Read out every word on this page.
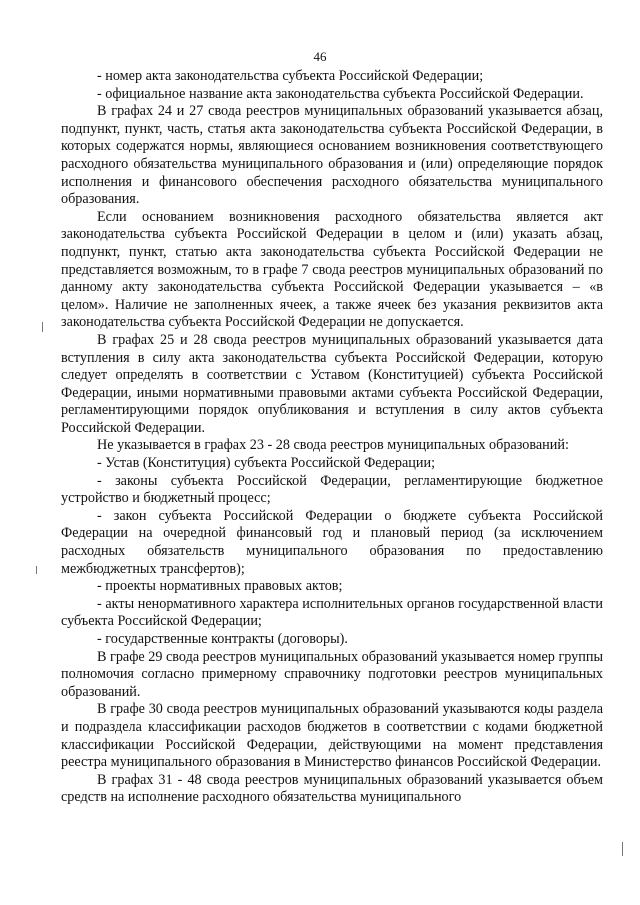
46

- номер акта законодательства субъекта Российской Федерации;

- официальное название акта законодательства субъекта Российской Федерации.

В графах 24 и 27 свода реестров муниципальных образований указывается абзац, подпункт, пункт, часть, статья акта законодательства субъекта Российской Федерации, в которых содержатся нормы, являющиеся основанием возникновения соответствующего расходного обязательства муниципального образования и (или) определяющие порядок исполнения и финансового обеспечения расходного обязательства муниципального образования.

Если основанием возникновения расходного обязательства является акт законодательства субъекта Российской Федерации в целом и (или) указать абзац, подпункт, пункт, статью акта законодательства субъекта Российской Федерации не представляется возможным, то в графе 7 свода реестров муниципальных образований по данному акту законодательства субъекта Российской Федерации указывается – «в целом». Наличие не заполненных ячеек, а также ячеек без указания реквизитов акта законодательства субъекта Российской Федерации не допускается.

В графах 25 и 28 свода реестров муниципальных образований указывается дата вступления в силу акта законодательства субъекта Российской Федерации, которую следует определять в соответствии с Уставом (Конституцией) субъекта Российской Федерации, иными нормативными правовыми актами субъекта Российской Федерации, регламентирующими порядок опубликования и вступления в силу актов субъекта Российской Федерации.

Не указывается в графах 23 - 28 свода реестров муниципальных образований:

- Устав (Конституция) субъекта Российской Федерации;

- законы субъекта Российской Федерации, регламентирующие бюджетное устройство и бюджетный процесс;

- закон субъекта Российской Федерации о бюджете субъекта Российской Федерации на очередной финансовый год и плановый период (за исключением расходных обязательств муниципального образования по предоставлению межбюджетных трансфертов);

- проекты нормативных правовых актов;

- акты ненормативного характера исполнительных органов государственной власти субъекта Российской Федерации;

- государственные контракты (договоры).

В графе 29 свода реестров муниципальных образований указывается номер группы полномочия согласно примерному справочнику подготовки реестров муниципальных образований.

В графе 30 свода реестров муниципальных образований указываются коды раздела и подраздела классификации расходов бюджетов в соответствии с кодами бюджетной классификации Российской Федерации, действующими на момент представления реестра муниципального образования в Министерство финансов Российской Федерации.

В графах 31 - 48 свода реестров муниципальных образований указывается объем средств на исполнение расходного обязательства муниципального
